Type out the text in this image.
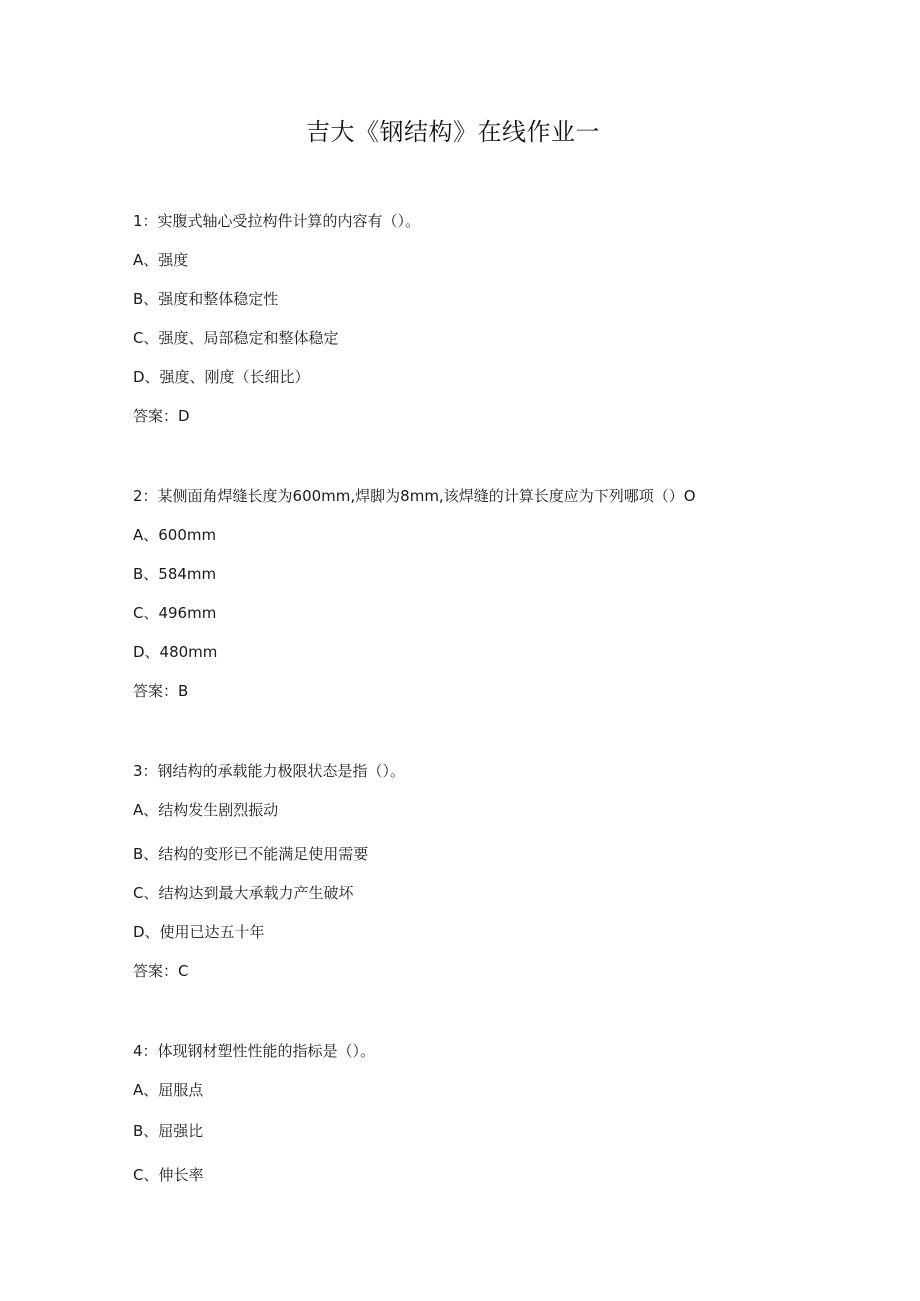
吉大《钢结构》在线作业一
1：实腹式轴心受拉构件计算的内容有（）。
A、强度
B、强度和整体稳定性
C、强度、局部稳定和整体稳定
D、强度、刚度（长细比）
答案：D
2：某侧面角焊缝长度为600mm,焊脚为8mm,该焊缝的计算长度应为下列哪项（）O
A、600mm
B、584mm
C、496mm
D、480mm
答案：B
3：钢结构的承载能力极限状态是指（）。
A、结构发生剧烈振动
B、结构的变形已不能满足使用需要
C、结构达到最大承载力产生破坏
D、使用已达五十年
答案：C
4：体现钢材塑性性能的指标是（）。
A、屈服点
B、屈强比
C、伸长率
